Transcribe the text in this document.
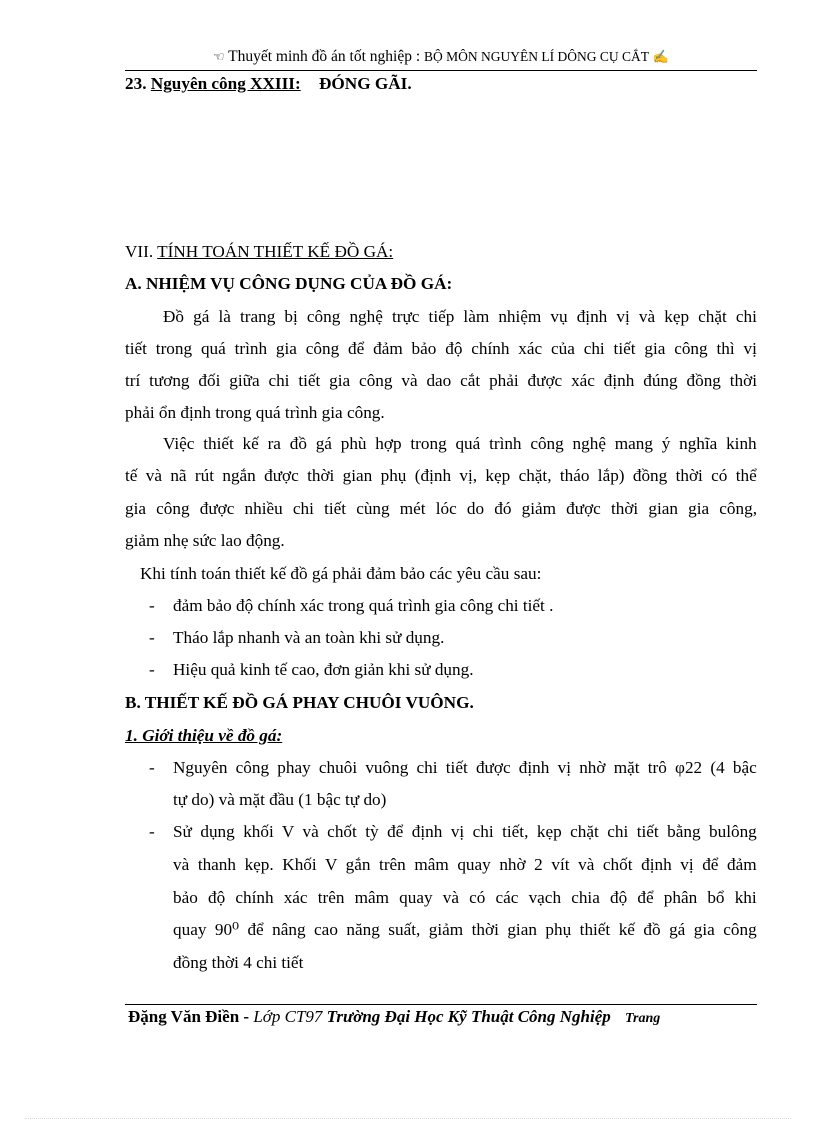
☜ Thuyết minh đồ án tốt nghiệp : BỘ MÔN NGUYÊN LÍ DÔNG CỤ CẮT ✍
23. Nguyên công XXIII: ĐÓNG GÃI.
VII. TÍNH TOÁN THIẾT KẾ ĐỒ GÁ:
A. NHIỆM VỤ CÔNG DỤNG CỦA ĐỒ GÁ:
Đồ gá là trang bị công nghệ trực tiếp làm nhiệm vụ định vị và kẹp chặt chi
tiết trong quá trình gia công để đảm bảo độ chính xác của chi tiết gia công thì vị
trí tương đối giữa chi tiết gia công và dao cắt phải được xác định đúng đồng thời
phải ổn định trong quá trình gia công.
Việc thiết kế ra đồ gá phù hợp trong quá trình công nghệ mang ý nghĩa kinh
tế và nã rút ngắn được thời gian phụ (định vị, kẹp chặt, tháo lắp) đồng thời có thể
gia công được nhiều chi tiết cùng mét lóc do đó giảm được thời gian gia công,
giảm nhẹ sức lao động.
Khi tính toán thiết kế đồ gá phải đảm bảo các yêu cầu sau:
- đảm bảo độ chính xác trong quá trình gia công chi tiết .
- Tháo lắp nhanh và an toàn khi sử dụng.
- Hiệu quả kinh tế cao, đơn giản khi sử dụng.
B. THIẾT KẾ ĐỒ GÁ PHAY CHUÔI VUÔNG.
1. Giới thiệu về đồ gá:
- Nguyên công phay chuôi vuông chi tiết được định vị nhờ mặt trô φ22 (4 bậc
tự do) và mặt đầu (1 bậc tự do)
- Sử dụng khối V và chốt tỳ để định vị chi tiết, kẹp chặt chi tiết bằng bulông
và thanh kẹp. Khối V gắn trên mâm quay nhờ 2 vít và chốt định vị để đảm
bảo độ chính xác trên mâm quay và có các vạch chia độ để phân bổ khi
quay 90⁰ để nâng cao năng suất, giảm thời gian phụ thiết kế đồ gá gia công
đồng thời 4 chi tiết
Đặng Văn Điền - Lớp CT97 Trường Đại Học Kỹ Thuật Công Nghiệp Trang
